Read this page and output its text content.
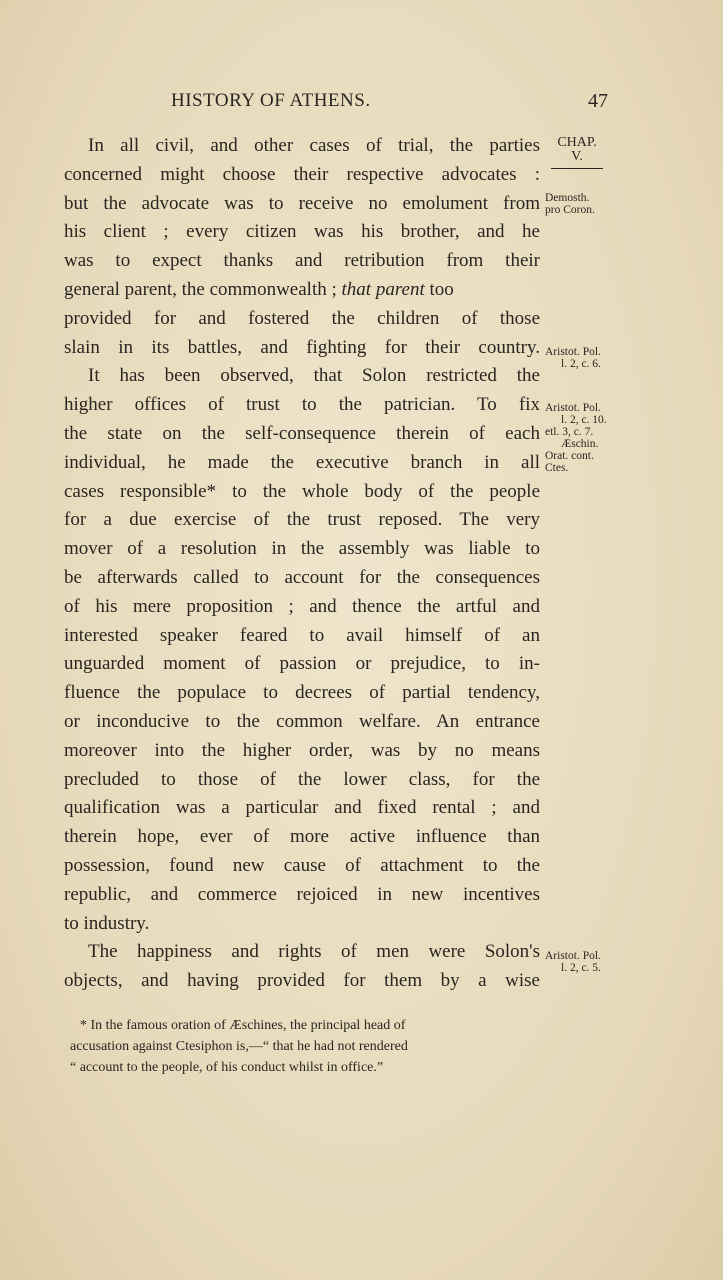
HISTORY OF ATHENS.	47
In all civil, and other cases of trial, the parties
concerned might choose their respective advocates :
but the advocate was to receive no emolument from
his client ; every citizen was his brother, and he
was to expect thanks and retribution from their
general parent, the commonwealth ; that parent too
provided for and fostered the children of those
slain in its battles, and fighting for their country.
It has been observed, that Solon restricted the
higher offices of trust to the patrician. To fix
the state on the self-consequence therein of each
individual, he made the executive branch in all
cases responsible* to the whole body of the people
for a due exercise of the trust reposed. The very
mover of a resolution in the assembly was liable to
be afterwards called to account for the consequences
of his mere proposition ; and thence the artful and
interested speaker feared to avail himself of an
unguarded moment of passion or prejudice, to in-
fluence the populace to decrees of partial tendency,
or inconducive to the common welfare. An entrance
moreover into the higher order, was by no means
precluded to those of the lower class, for the
qualification was a particular and fixed rental ; and
therein hope, ever of more active influence than
possession, found new cause of attachment to the
republic, and commerce rejoiced in new incentives
to industry.
The happiness and rights of men were Solon's
objects, and having provided for them by a wise
CHAP.
V.
Demosth.
pro Coron.
Aristot. Pol.
l. 2, c. 6.
Aristot. Pol.
l. 2, c. 10.
etl. 3, c. 7.
Æschin.
Orat. cont.
Ctes.
Aristot. Pol.
l. 2, c. 5.
* In the famous oration of Æschines, the principal head of
accusation against Ctesiphon is,—“ that he had not rendered
“ account to the people, of his conduct whilst in office.”
